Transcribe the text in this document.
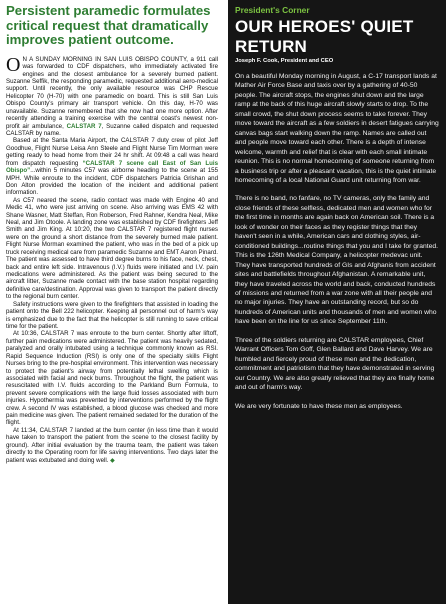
Persistent paramedic formulates critical request that dramatically improves patient outcome.

ON A SUNDAY MORNING IN SAN LUIS OBISPO COUNTY, a 911 call was forwarded to CDF dispatchers, who immediately activated fire engines and the closest ambulance for a severely burned patient. Suzanne Seffik, the responding paramedic, requested additional aero-medical support. Until recently, the only available resource was CHP Rescue Helicopter 70 (H-70) with one paramedic on board. This is still San Luis Obispo County's primary air transport vehicle. On this day, H-70 was unavailable. Suzanne remembered that she now had one more option. After recently attending a training exercise with the central coast's newest non-profit air ambulance, CALSTAR 7, Suzanne called dispatch and requested CALSTAR by name.

Based at the Santa Maria Airport, the CALSTAR 7 duty crew of pilot Jeff Goodhue, Flight Nurse Leisa Ann Steele and Flight Nurse Tim Morman were getting ready to head home from their 24 hr shift. At 09:48 a call was heard from dispatch requesting “CALSTAR 7 scene call East of San Luis Obispo”...within 5 minutes C57 was airborne heading to the scene at 155 MPH. While enroute to the incident, CDF dispatchers Patricia Grishan and Don Alton provided the location of the incident and additional patient information.

As C57 neared the scene, radio contact was made with Engine 40 and Medic 41, who were just arriving on scene. Also arriving was EMS 42 with Shane Wasner, Matt Steffan, Ron Roberson, Fred Rahner, Kendra Neal, Mike Neal, and Jim Otoole. A landing zone was established by CDF firefighters Jeff Smith and Jim King. At 10:20, the two CALSTAR 7 registered flight nurses were on the ground a short distance from the severely burned male patient. Flight Nurse Morman examined the patient, who was in the bed of a pick up truck receiving medical care from paramedic Suzanne and EMT Aaron Pinard. The patient was assessed to have third degree burns to his face, neck, chest, back and entire left side. Intravenous (I.V.) fluids were initiated and I.V. pain medications were administered. As the patient was being secured to the aircraft litter, Suzanne made contact with the base station hospital regarding definitive care/destination. Approval was given to transport the patient directly to the regional burn center.

Safety instructions were given to the firefighters that assisted in loading the patient onto the Bell 222 helicopter. Keeping all personnel out of harm's way is emphasized due to the fact that the helicopter is still running to save critical time for the patient.

At 10:36, CALSTAR 7 was enroute to the burn center. Shortly after liftoff, further pain medications were administered. The patient was heavily sedated, paralyzed and orally intubated using a technique commonly known as RSI. Rapid Sequence Induction (RSI) is only one of the specialty skills Flight Nurses bring to the pre-hospital environment. This intervention was necessary to protect the patient's airway from potentially lethal swelling which is associated with facial and neck burns. Throughout the flight, the patient was resuscitated with I.V. fluids according to the Parkland Burn Formula, to prevent severe complications with the large fluid losses associated with burn injuries. Hypothermia was prevented by interventions performed by the flight crew. A second IV was established, a blood glucose was checked and more pain medicine was given. The patient remained sedated for the duration of the flight.

At 11:34, CALSTAR 7 landed at the burn center (in less time than it would have taken to transport the patient from the scene to the closest facility by ground). After initial evaluation by the trauma team, the patient was taken directly to the Operating room for life saving interventions. Two days later the patient was extubated and doing well. ◆

President's Corner

OUR HEROES' QUIET RETURN

Joseph F. Cook, President and CEO

On a beautiful Monday morning in August, a C-17 transport lands at Mather Air Force Base and taxis over by a gathering of 40-50 people. The aircraft stops, the engines shut down and the large ramp at the back of this huge aircraft slowly starts to drop. To the small crowd, the shut down process seems to take forever. They move toward the aircraft as a few soldiers in desert fatigues carrying canvas bags start walking down the ramp. Names are called out and people move toward each other. There is a depth of intense welcome, warmth and relief that is clear with each small intimate reunion. This is no normal homecoming of someone returning from a business trip or after a pleasant vacation, this is the quiet intimate homecoming of a local National Guard unit returning from war.

There is no band, no fanfare, no TV cameras, only the family and close friends of these selfless, dedicated men and women who for the first time in months are again back on American soil. There is a look of wonder on their faces as they register things that they haven't seen in a while, American cars and clothing styles, air-conditioned buildings...routine things that you and I take for granted. This is the 126th Medical Company, a helicopter medevac unit. They have transported hundreds of GIs and Afghanis from accident sites and battlefields throughout Afghanistan. A remarkable unit, they have traveled across the world and back, conducted hundreds of missions and returned from a war zone with all their people and no major injuries. They have an outstanding record, but so do hundreds of American units and thousands of men and women who have been on the line for us since September 11th.

Three of the soldiers returning are CALSTAR employees, Chief Warrant Officers Tom Goff, Glen Ballard and Dave Harvey. We are humbled and fiercely proud of these men and the dedication, commitment and patriotism that they have demonstrated in serving our Country. We are also greatly relieved that they are finally home and out of harm's way.

We are very fortunate to have these men as employees.
